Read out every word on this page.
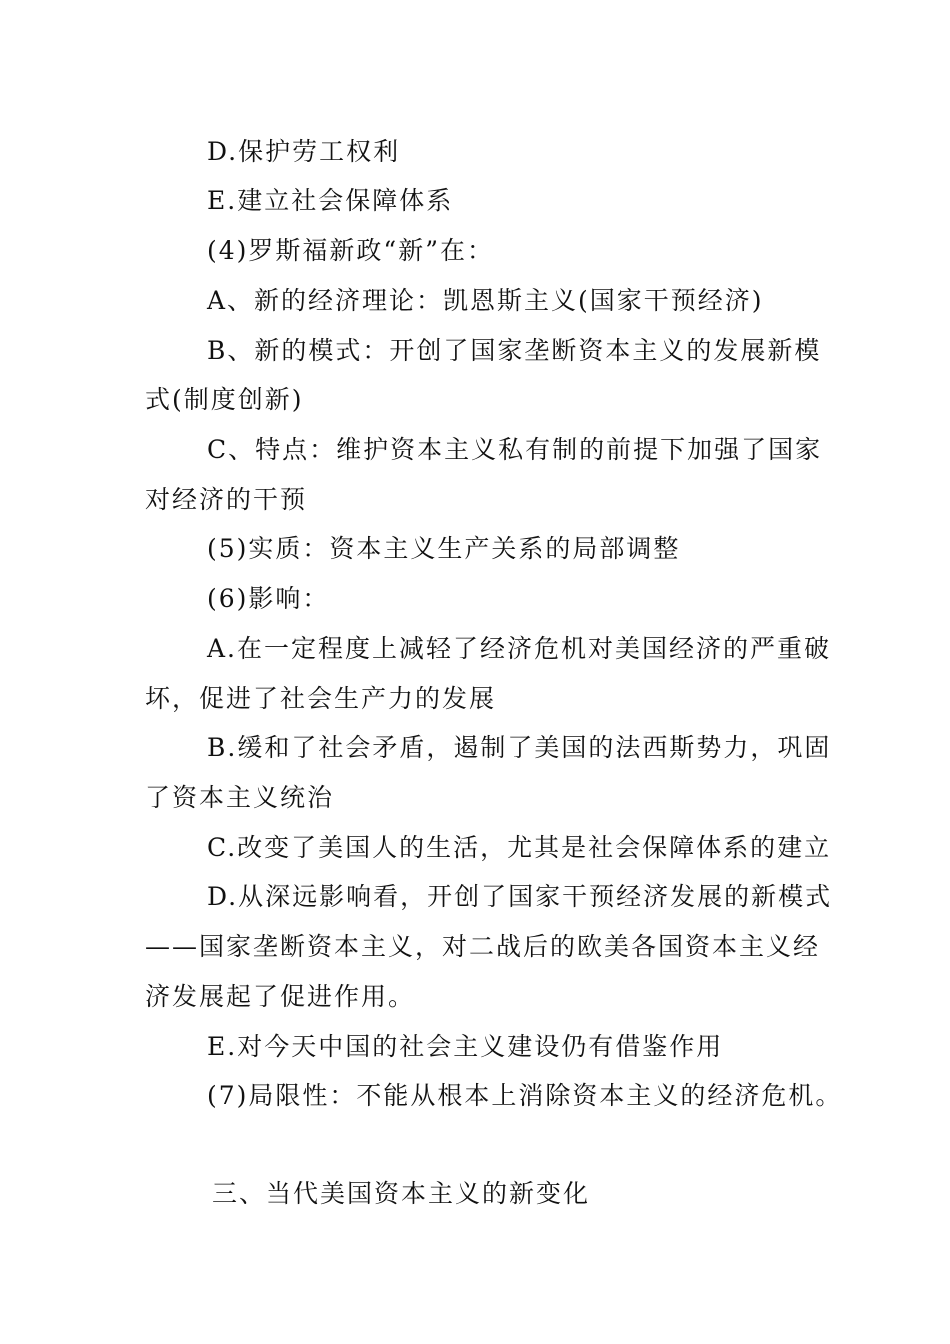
D.保护劳工权利
E.建立社会保障体系
(4)罗斯福新政“新”在：
A、新的经济理论：凯恩斯主义(国家干预经济)
B、新的模式：开创了国家垄断资本主义的发展新模
式(制度创新)
C、特点：维护资本主义私有制的前提下加强了国家
对经济的干预
(5)实质：资本主义生产关系的局部调整
(6)影响：
A.在一定程度上减轻了经济危机对美国经济的严重破
坏，促进了社会生产力的发展
B.缓和了社会矛盾，遏制了美国的法西斯势力，巩固
了资本主义统治
C.改变了美国人的生活，尤其是社会保障体系的建立
D.从深远影响看，开创了国家干预经济发展的新模式
——国家垄断资本主义，对二战后的欧美各国资本主义经
济发展起了促进作用。
E.对今天中国的社会主义建设仍有借鉴作用
(7)局限性：不能从根本上消除资本主义的经济危机。
三、当代美国资本主义的新变化
